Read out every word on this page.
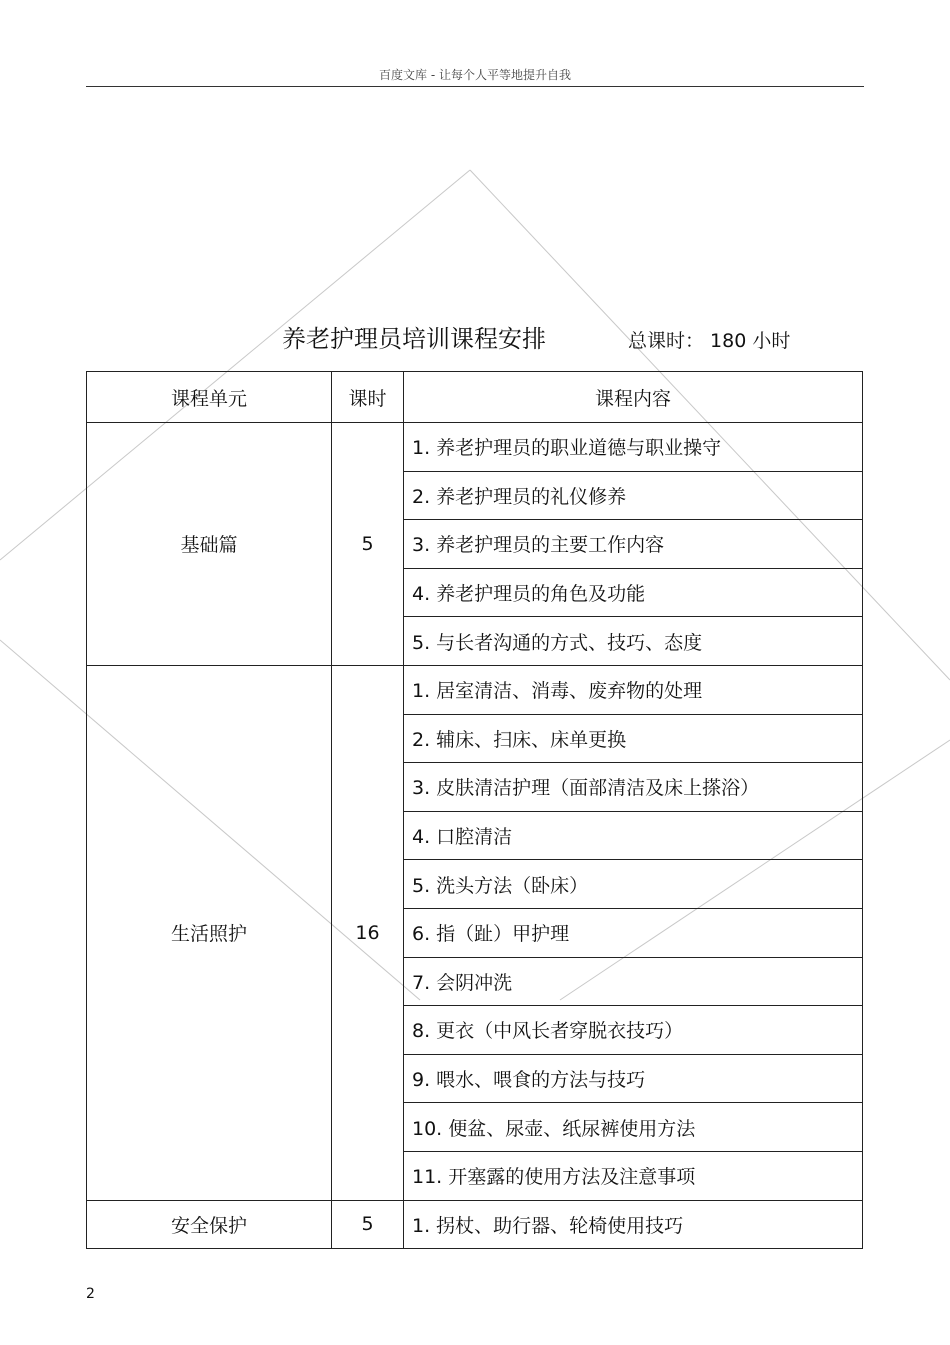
百度文库 - 让每个人平等地提升自我
养老护理员培训课程安排	总课时： 180 小时
课程单元	课时	课程内容
基础篇	5	1. 养老护理员的职业道德与职业操守
		2. 养老护理员的礼仪修养
		3. 养老护理员的主要工作内容
		4. 养老护理员的角色及功能
		5. 与长者沟通的方式、技巧、态度
生活照护	16	1. 居室清洁、消毒、废弃物的处理
		2. 辅床、扫床、床单更换
		3. 皮肤清洁护理（面部清洁及床上搽浴）
		4. 口腔清洁
		5. 洗头方法（卧床）
		6. 指（趾）甲护理
		7. 会阴冲洗
		8. 更衣（中风长者穿脱衣技巧）
		9. 喂水、喂食的方法与技巧
		10. 便盆、尿壶、纸尿裤使用方法
		11. 开塞露的使用方法及注意事项
安全保护	5	1. 拐杖、助行器、轮椅使用技巧
2
